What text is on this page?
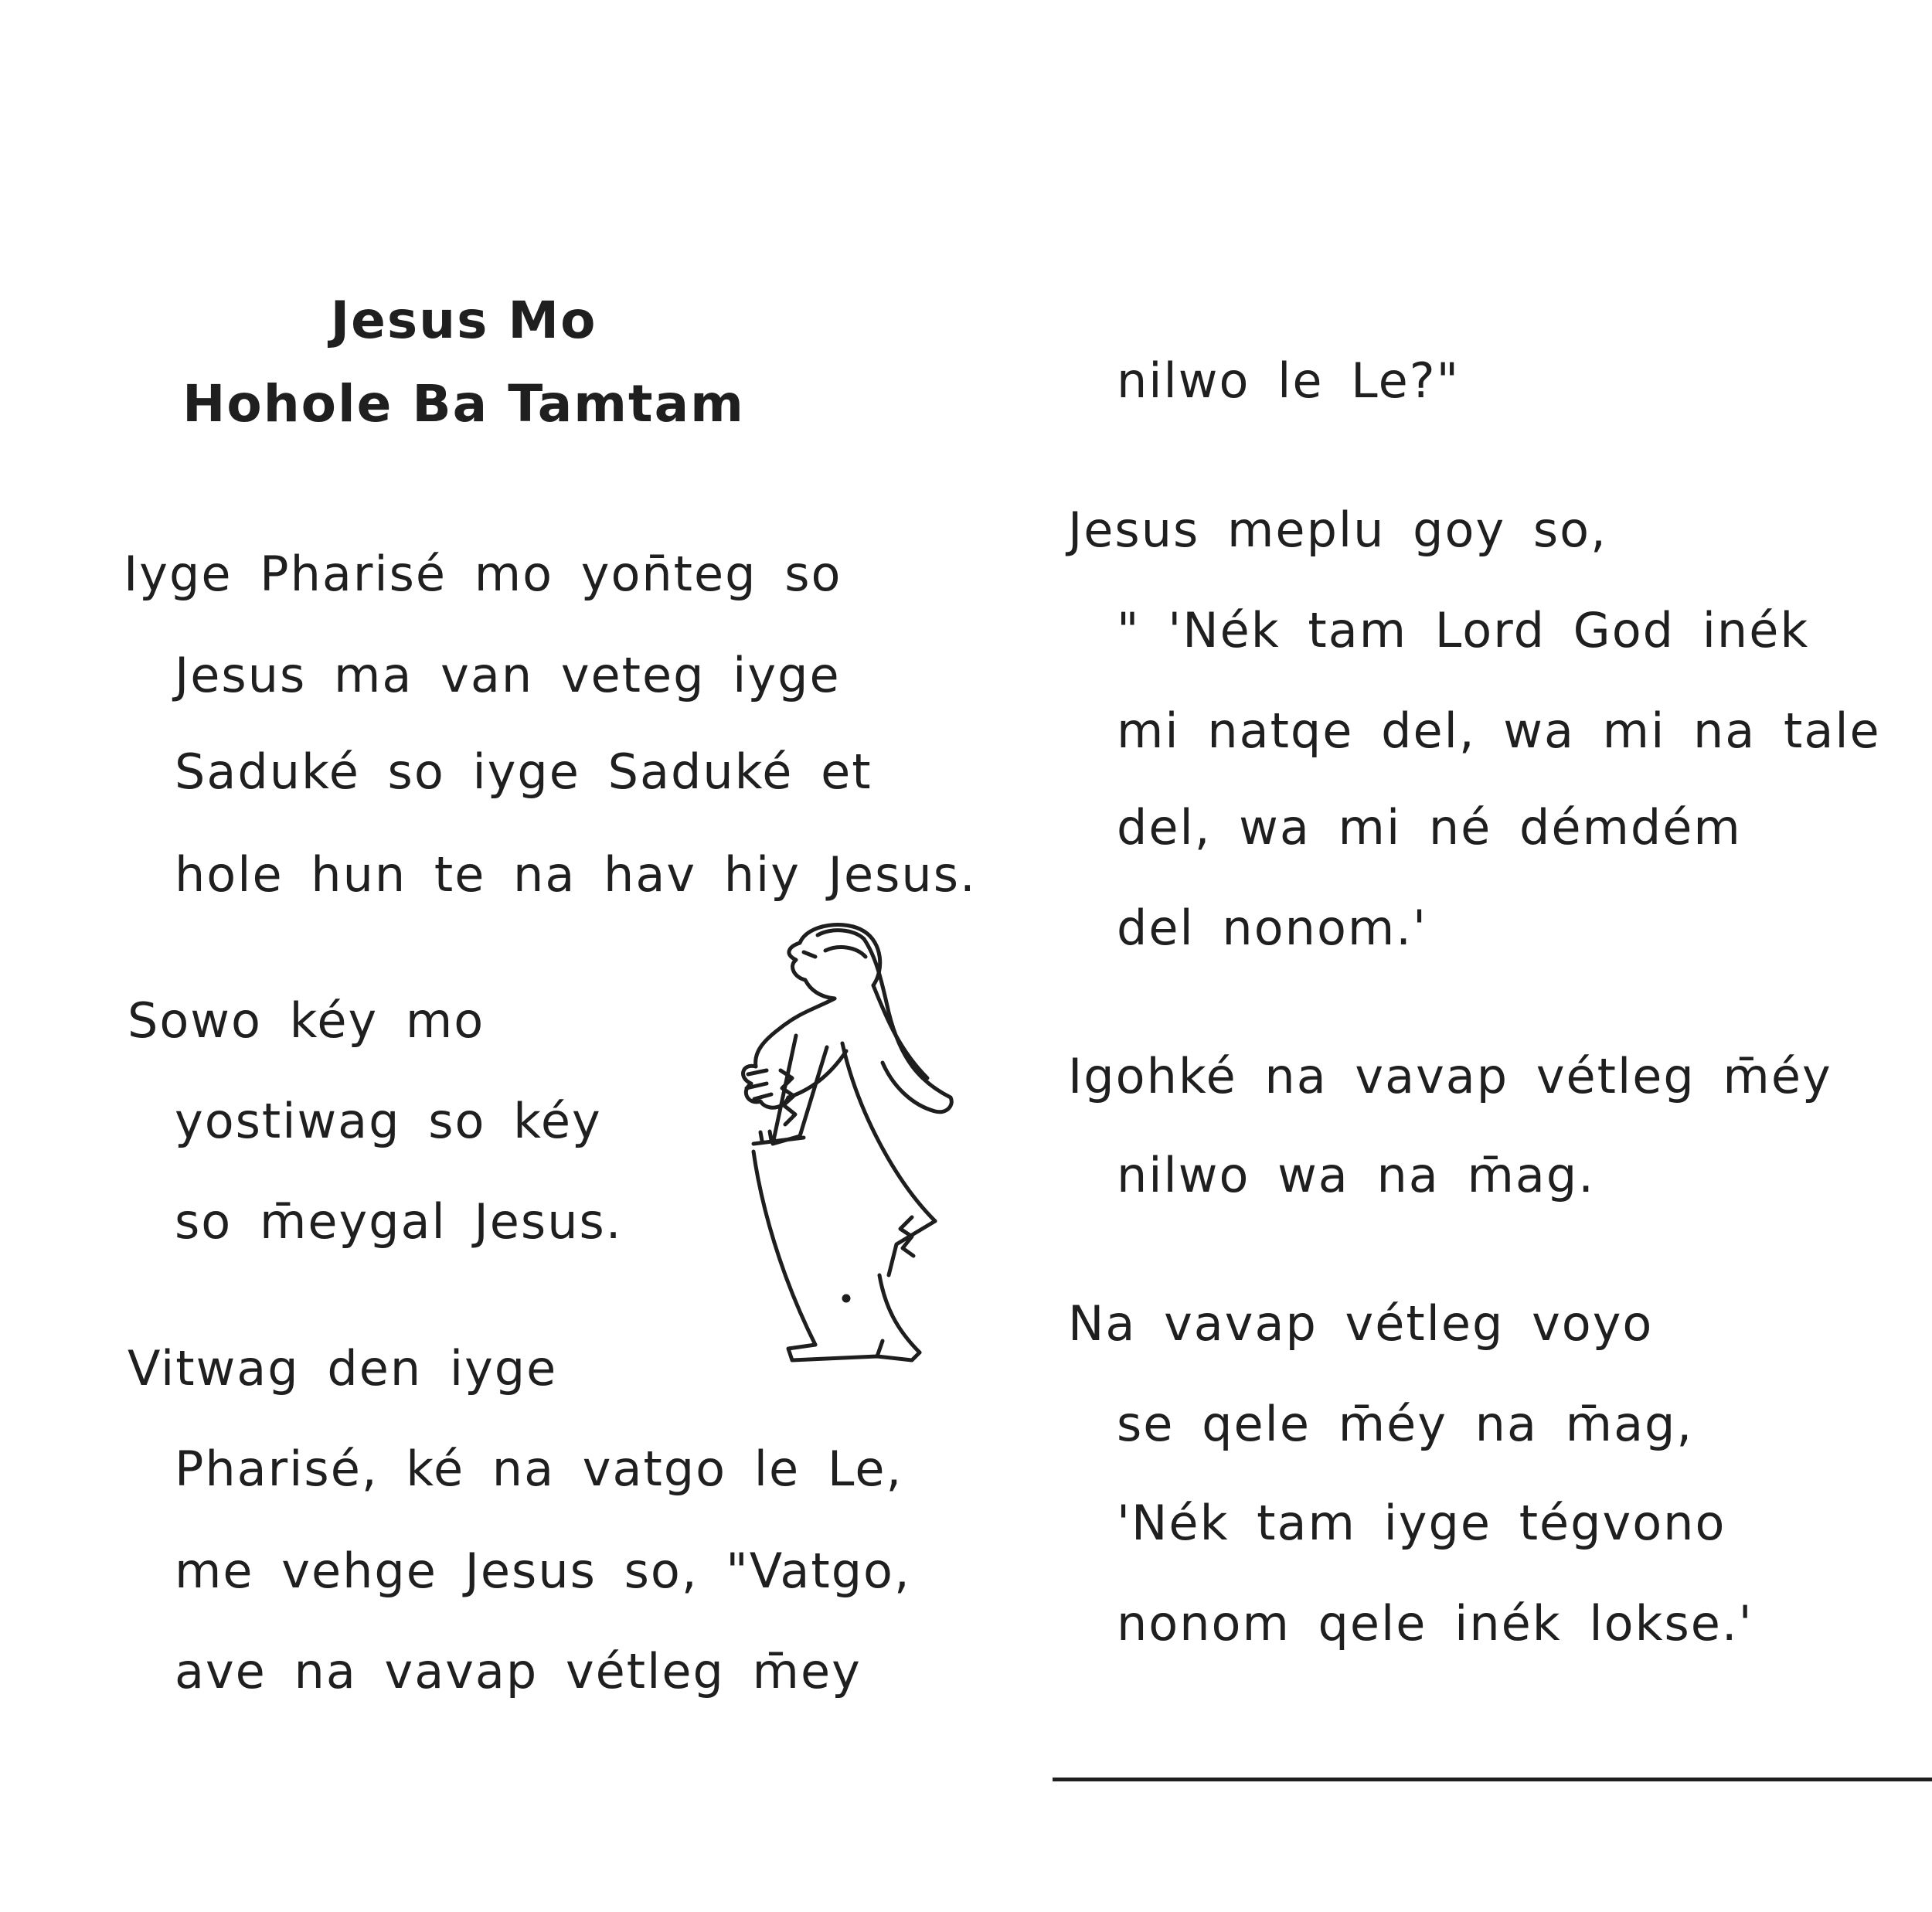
Jesus Mo
Hohole Ba Tamtam
Iyge Pharisé mo yon̄teg so
Jesus ma van veteg iyge
Saduké so iyge Saduké et
hole hun te na hav hiy Jesus.
Sowo kéy mo
yostiwag so kéy
so m̄eygal Jesus.
Vitwag den iyge
Pharisé, ké na vatgo le Le,
me vehge Jesus so, "Vatgo,
ave na vavap vétleg m̄ey
nilwo le Le?"
Jesus meplu goy so,
" 'Nék tam Lord God inék
mi natqe del, wa mi na tale
del, wa mi né démdém
del nonom.'
Igohké na vavap vétleg m̄éy
nilwo wa na m̄ag.
Na vavap vétleg voyo
se qele m̄éy na m̄ag,
'Nék tam iyge tégvono
nonom qele inék lokse.'
